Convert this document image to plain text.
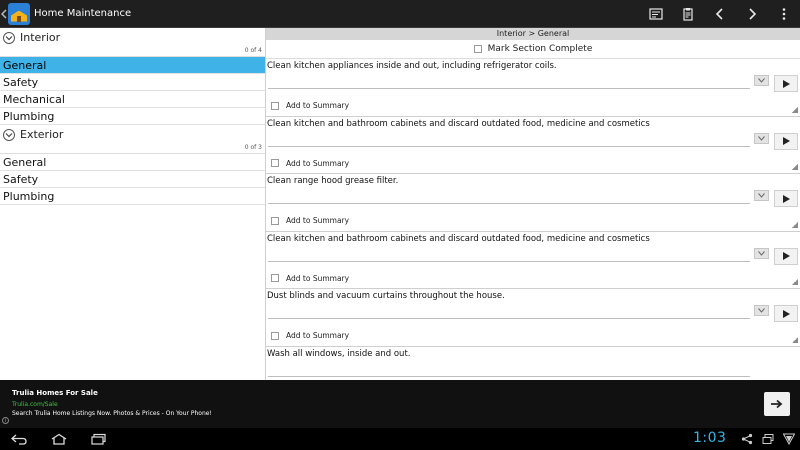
Home Maintenance
Interior
0 of 4
General
Safety
Mechanical
Plumbing
Exterior
0 of 3
General
Safety
Plumbing
Interior > General
Mark Section Complete
Clean kitchen appliances inside and out, including refrigerator coils.
Add to Summary
Clean kitchen and bathroom cabinets and discard outdated food, medicine and cosmetics
Add to Summary
Clean range hood grease filter.
Add to Summary
Clean kitchen and bathroom cabinets and discard outdated food, medicine and cosmetics
Add to Summary
Dust blinds and vacuum curtains throughout the house.
Add to Summary
Wash all windows, inside and out.
Trulia Homes For Sale
Trulia.com/Sale
Search Trulia Home Listings Now. Photos & Prices - On Your Phone!
i
1:03
